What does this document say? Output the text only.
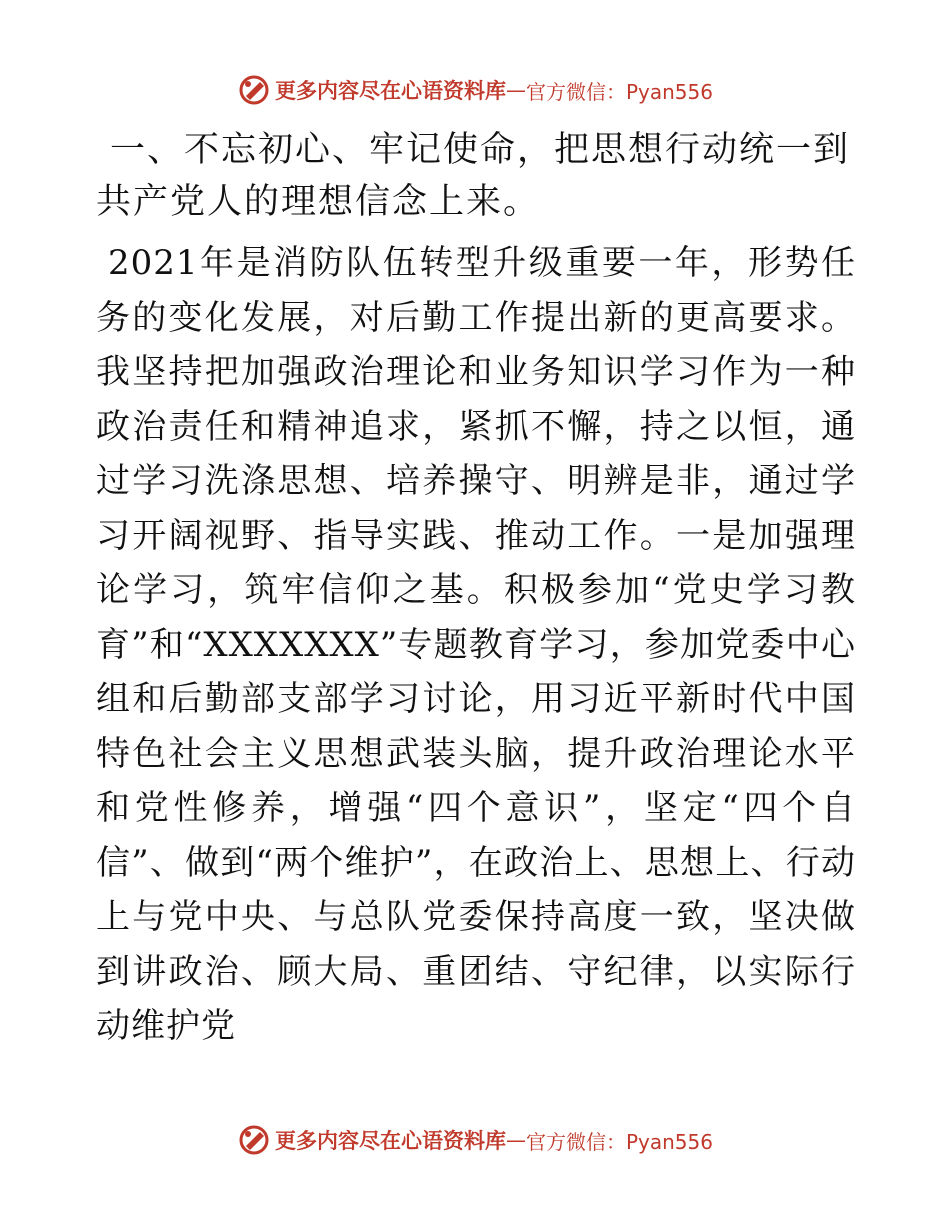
更多内容尽在心语资料库 — 官方微信：Pyan556
一、不忘初心、牢记使命，把思想行动统一到共产党人的理想信念上来。

2021年是消防队伍转型升级重要一年，形势任务的变化发展，对后勤工作提出新的更高要求。我坚持把加强政治理论和业务知识学习作为一种政治责任和精神追求，紧抓不懈，持之以恒，通过学习洗涤思想、培养操守、明辨是非，通过学习开阔视野、指导实践、推动工作。一是加强理论学习，筑牢信仰之基。积极参加“党史学习教育”和“XXXXXXX”专题教育学习，参加党委中心组和后勤部支部学习讨论，用习近平新时代中国特色社会主义思想武装头脑，提升政治理论水平和党性修养，增强“四个意识”，坚定“四个自信”、做到“两个维护”，在政治上、思想上、行动上与党中央、与总队党委保持高度一致，坚决做到讲政治、顾大局、重团结、守纪律，以实际行动维护党

更多内容尽在心语资料库 — 官方微信：Pyan556
